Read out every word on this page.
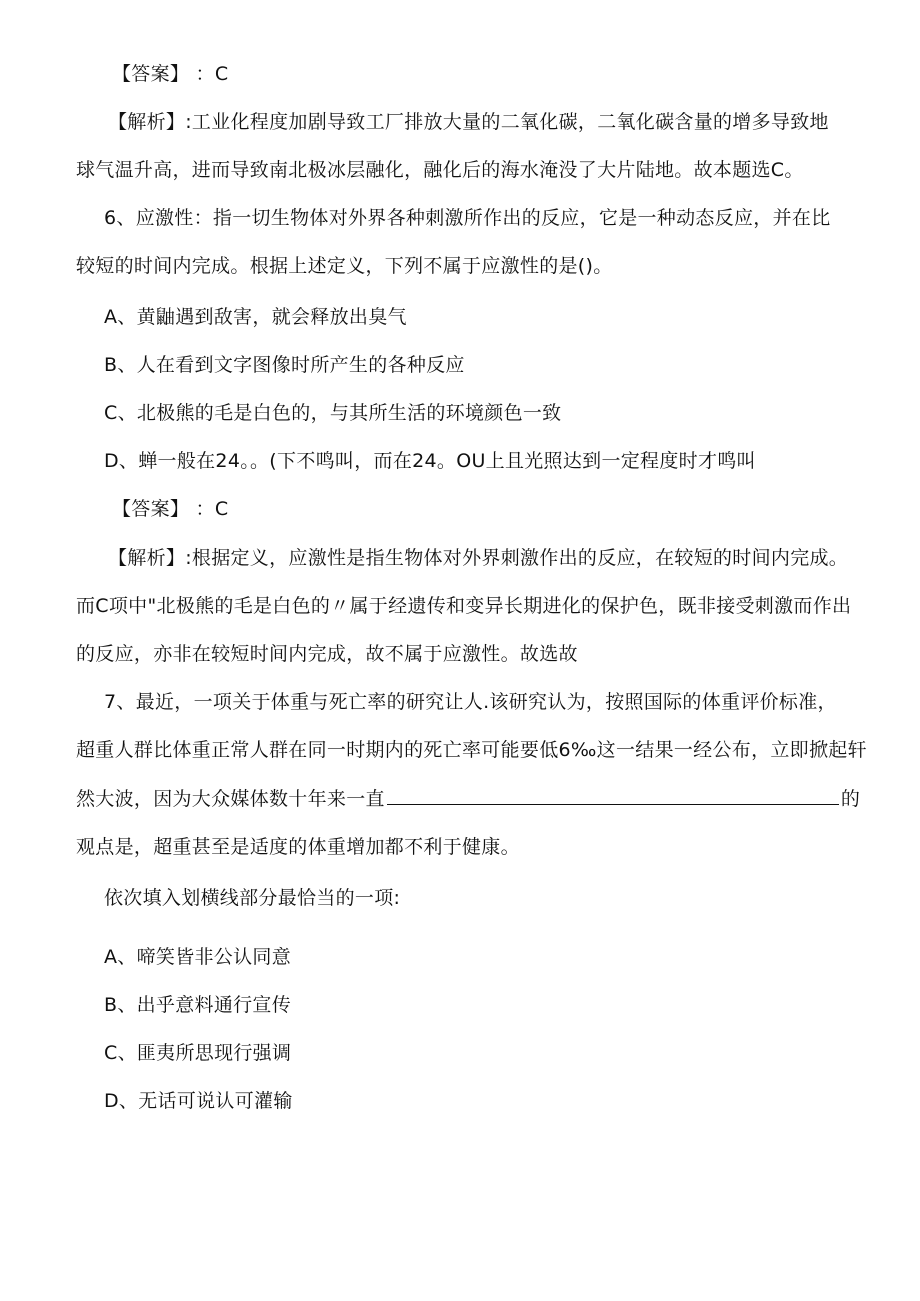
【答案】 ：C
【解析】:工业化程度加剧导致工厂排放大量的二氧化碳，二氧化碳含量的增多导致地
球气温升高，进而导致南北极冰层融化，融化后的海水淹没了大片陆地。故本题选C。
6、应激性：指一切生物体对外界各种刺激所作出的反应，它是一种动态反应，并在比
较短的时间内完成。根据上述定义，下列不属于应激性的是()。
A、黄鼬遇到敌害，就会释放出臭气
B、人在看到文字图像时所产生的各种反应
C、北极熊的毛是白色的，与其所生活的环境颜色一致
D、蝉一般在24。。(下不鸣叫，而在24。OU上且光照达到一定程度时才鸣叫
【答案】 ：C
【解析】:根据定义，应激性是指生物体对外界刺激作出的反应，在较短的时间内完成。
而C项中"北极熊的毛是白色的〃属于经遗传和变异长期进化的保护色，既非接受刺激而作出
的反应，亦非在较短时间内完成，故不属于应激性。故选故
7、最近，一项关于体重与死亡率的研究让人.该研究认为，按照国际的体重评价标准，
超重人群比体重正常人群在同一时期内的死亡率可能要低6‰这一结果一经公布，立即掀起轩
然大波，因为大众媒体数十年来一直	的
观点是，超重甚至是适度的体重增加都不利于健康。
依次填入划横线部分最恰当的一项:
A、啼笑皆非公认同意
B、出乎意料通行宣传
C、匪夷所思现行强调
D、无话可说认可灌输
